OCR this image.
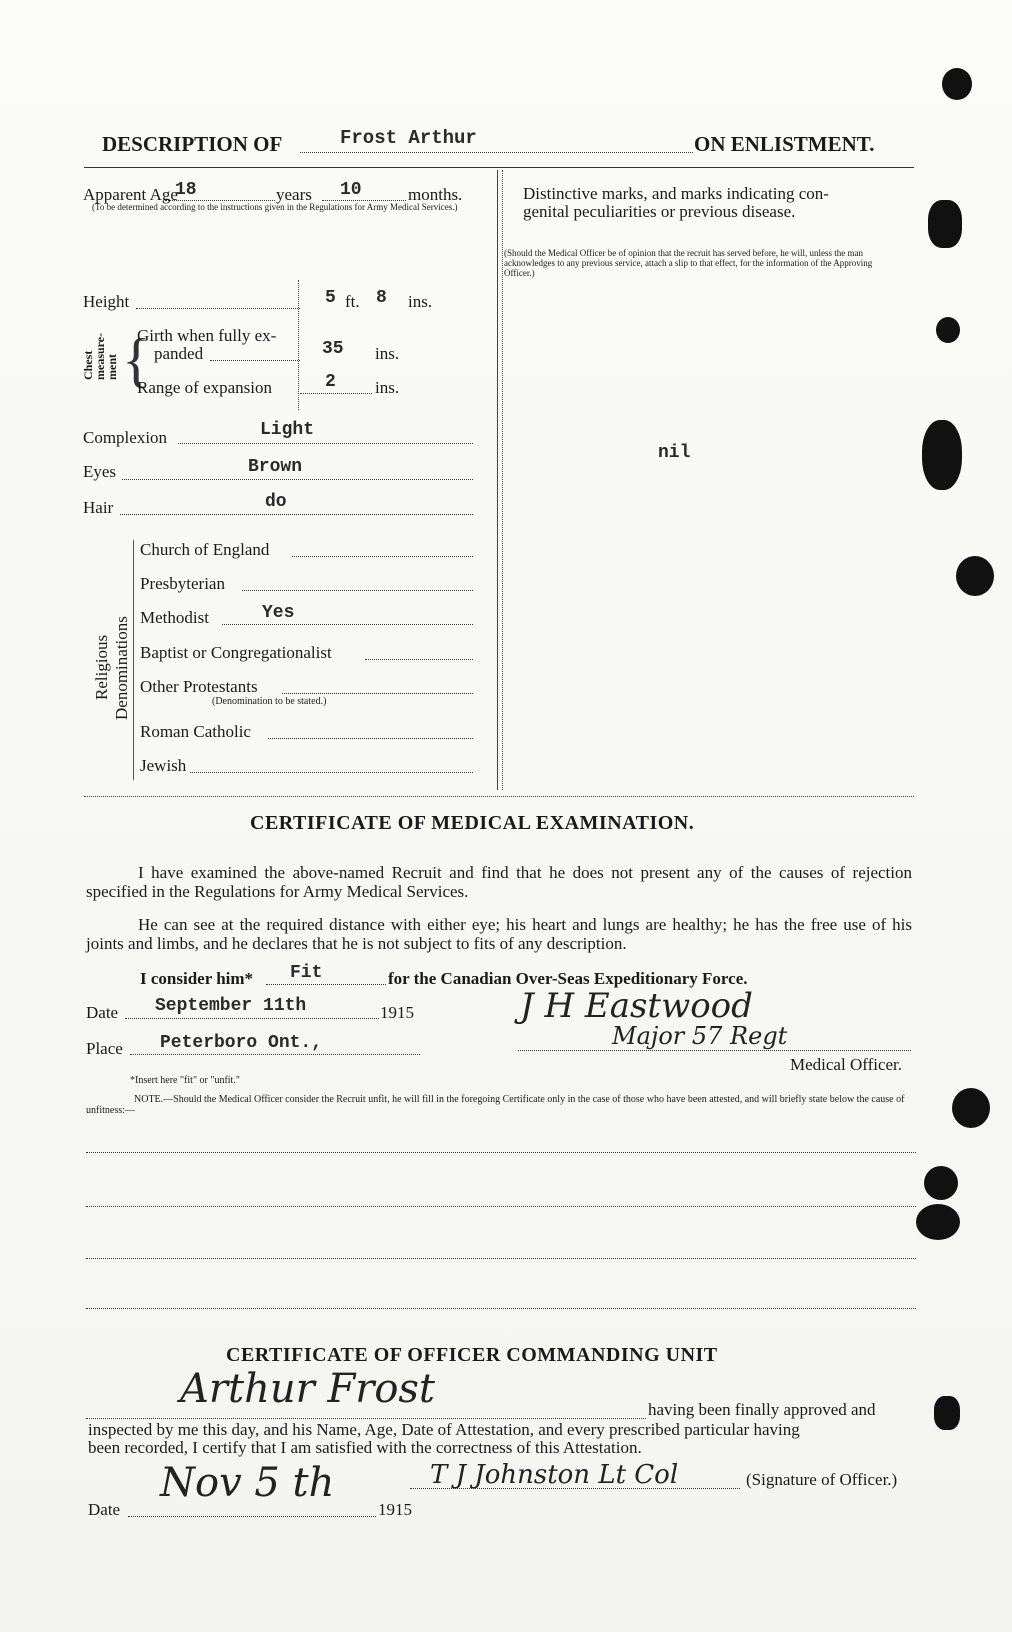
DESCRIPTION OF	Frost Arthur	ON ENLISTMENT.
Apparent Age
18	years 10	months.
(To be determined according to the instructions given in the Regulations for Army Medical Services.)
Height	5 ft. 8 ins.
Chest measure-ment {
Girth when fully ex-
panded	35 ins.
Range of expansion	2 ins.
Complexion	Light
Eyes	Brown
Hair	do
Religious Denominations
Church of England
Presbyterian
Methodist	Yes
Baptist or Congregationalist
Other Protestants
(Denomination to be stated.)
Roman Catholic
Jewish
Distinctive marks, and marks indicating con-
genital peculiarities or previous disease.
(Should the Medical Officer be of opinion that the recruit has served before, he will, unless the man acknowledges to any previous service, attach a slip to that effect, for the information of the Approving Officer.)
nil
CERTIFICATE OF MEDICAL EXAMINATION.
I have examined the above-named Recruit and find that he does not present any of the causes of rejection specified in the Regulations for Army Medical Services.
He can see at the required distance with either eye; his heart and lungs are healthy; he has the free use of his joints and limbs, and he declares that he is not subject to fits of any description.
I consider him* Fit	for the Canadian Over-Seas Expeditionary Force.
Date September 11th	1915
Place Peterboro Ont.,
J H Eastwood
Major 57 Regt
Medical Officer.
*Insert here "fit" or "unfit."
NOTE.—Should the Medical Officer consider the Recruit unfit, he will fill in the foregoing Certificate only in the case of those who have been attested, and will briefly state below the cause of unfitness:—
CERTIFICATE OF OFFICER COMMANDING UNIT
Arthur Frost	having been finally approved and
inspected by me this day, and his Name, Age, Date of Attestation, and every prescribed particular having
been recorded, I certify that I am satisfied with the correctness of this Attestation.
T J Johnston Lt Col	(Signature of Officer.)
Date
Nov 5 th
1915
